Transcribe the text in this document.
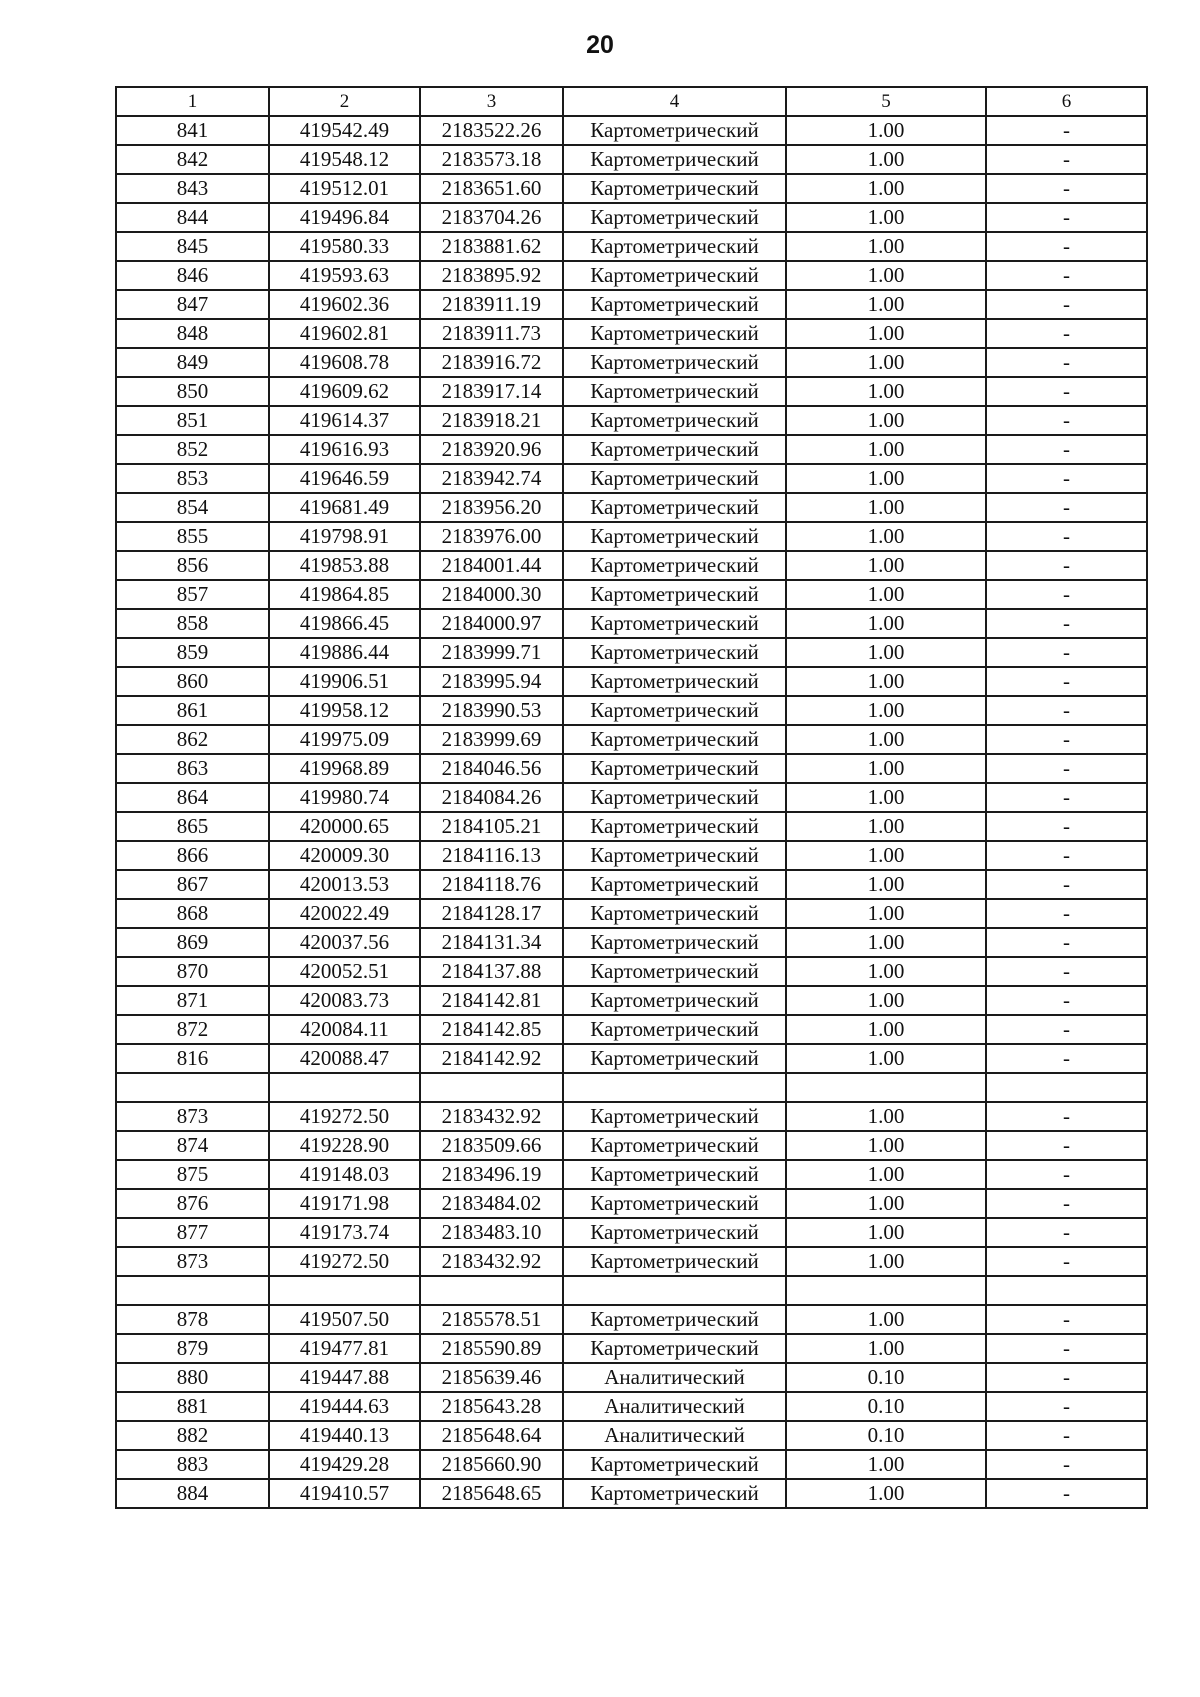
20
1	2	3	4	5	6
841	419542.49	2183522.26	Картометрический	1.00	-
842	419548.12	2183573.18	Картометрический	1.00	-
843	419512.01	2183651.60	Картометрический	1.00	-
844	419496.84	2183704.26	Картометрический	1.00	-
845	419580.33	2183881.62	Картометрический	1.00	-
846	419593.63	2183895.92	Картометрический	1.00	-
847	419602.36	2183911.19	Картометрический	1.00	-
848	419602.81	2183911.73	Картометрический	1.00	-
849	419608.78	2183916.72	Картометрический	1.00	-
850	419609.62	2183917.14	Картометрический	1.00	-
851	419614.37	2183918.21	Картометрический	1.00	-
852	419616.93	2183920.96	Картометрический	1.00	-
853	419646.59	2183942.74	Картометрический	1.00	-
854	419681.49	2183956.20	Картометрический	1.00	-
855	419798.91	2183976.00	Картометрический	1.00	-
856	419853.88	2184001.44	Картометрический	1.00	-
857	419864.85	2184000.30	Картометрический	1.00	-
858	419866.45	2184000.97	Картометрический	1.00	-
859	419886.44	2183999.71	Картометрический	1.00	-
860	419906.51	2183995.94	Картометрический	1.00	-
861	419958.12	2183990.53	Картометрический	1.00	-
862	419975.09	2183999.69	Картометрический	1.00	-
863	419968.89	2184046.56	Картометрический	1.00	-
864	419980.74	2184084.26	Картометрический	1.00	-
865	420000.65	2184105.21	Картометрический	1.00	-
866	420009.30	2184116.13	Картометрический	1.00	-
867	420013.53	2184118.76	Картометрический	1.00	-
868	420022.49	2184128.17	Картометрический	1.00	-
869	420037.56	2184131.34	Картометрический	1.00	-
870	420052.51	2184137.88	Картометрический	1.00	-
871	420083.73	2184142.81	Картометрический	1.00	-
872	420084.11	2184142.85	Картометрический	1.00	-
816	420088.47	2184142.92	Картометрический	1.00	-

873	419272.50	2183432.92	Картометрический	1.00	-
874	419228.90	2183509.66	Картометрический	1.00	-
875	419148.03	2183496.19	Картометрический	1.00	-
876	419171.98	2183484.02	Картометрический	1.00	-
877	419173.74	2183483.10	Картометрический	1.00	-
873	419272.50	2183432.92	Картометрический	1.00	-

878	419507.50	2185578.51	Картометрический	1.00	-
879	419477.81	2185590.89	Картометрический	1.00	-
880	419447.88	2185639.46	Аналитический	0.10	-
881	419444.63	2185643.28	Аналитический	0.10	-
882	419440.13	2185648.64	Аналитический	0.10	-
883	419429.28	2185660.90	Картометрический	1.00	-
884	419410.57	2185648.65	Картометрический	1.00	-
